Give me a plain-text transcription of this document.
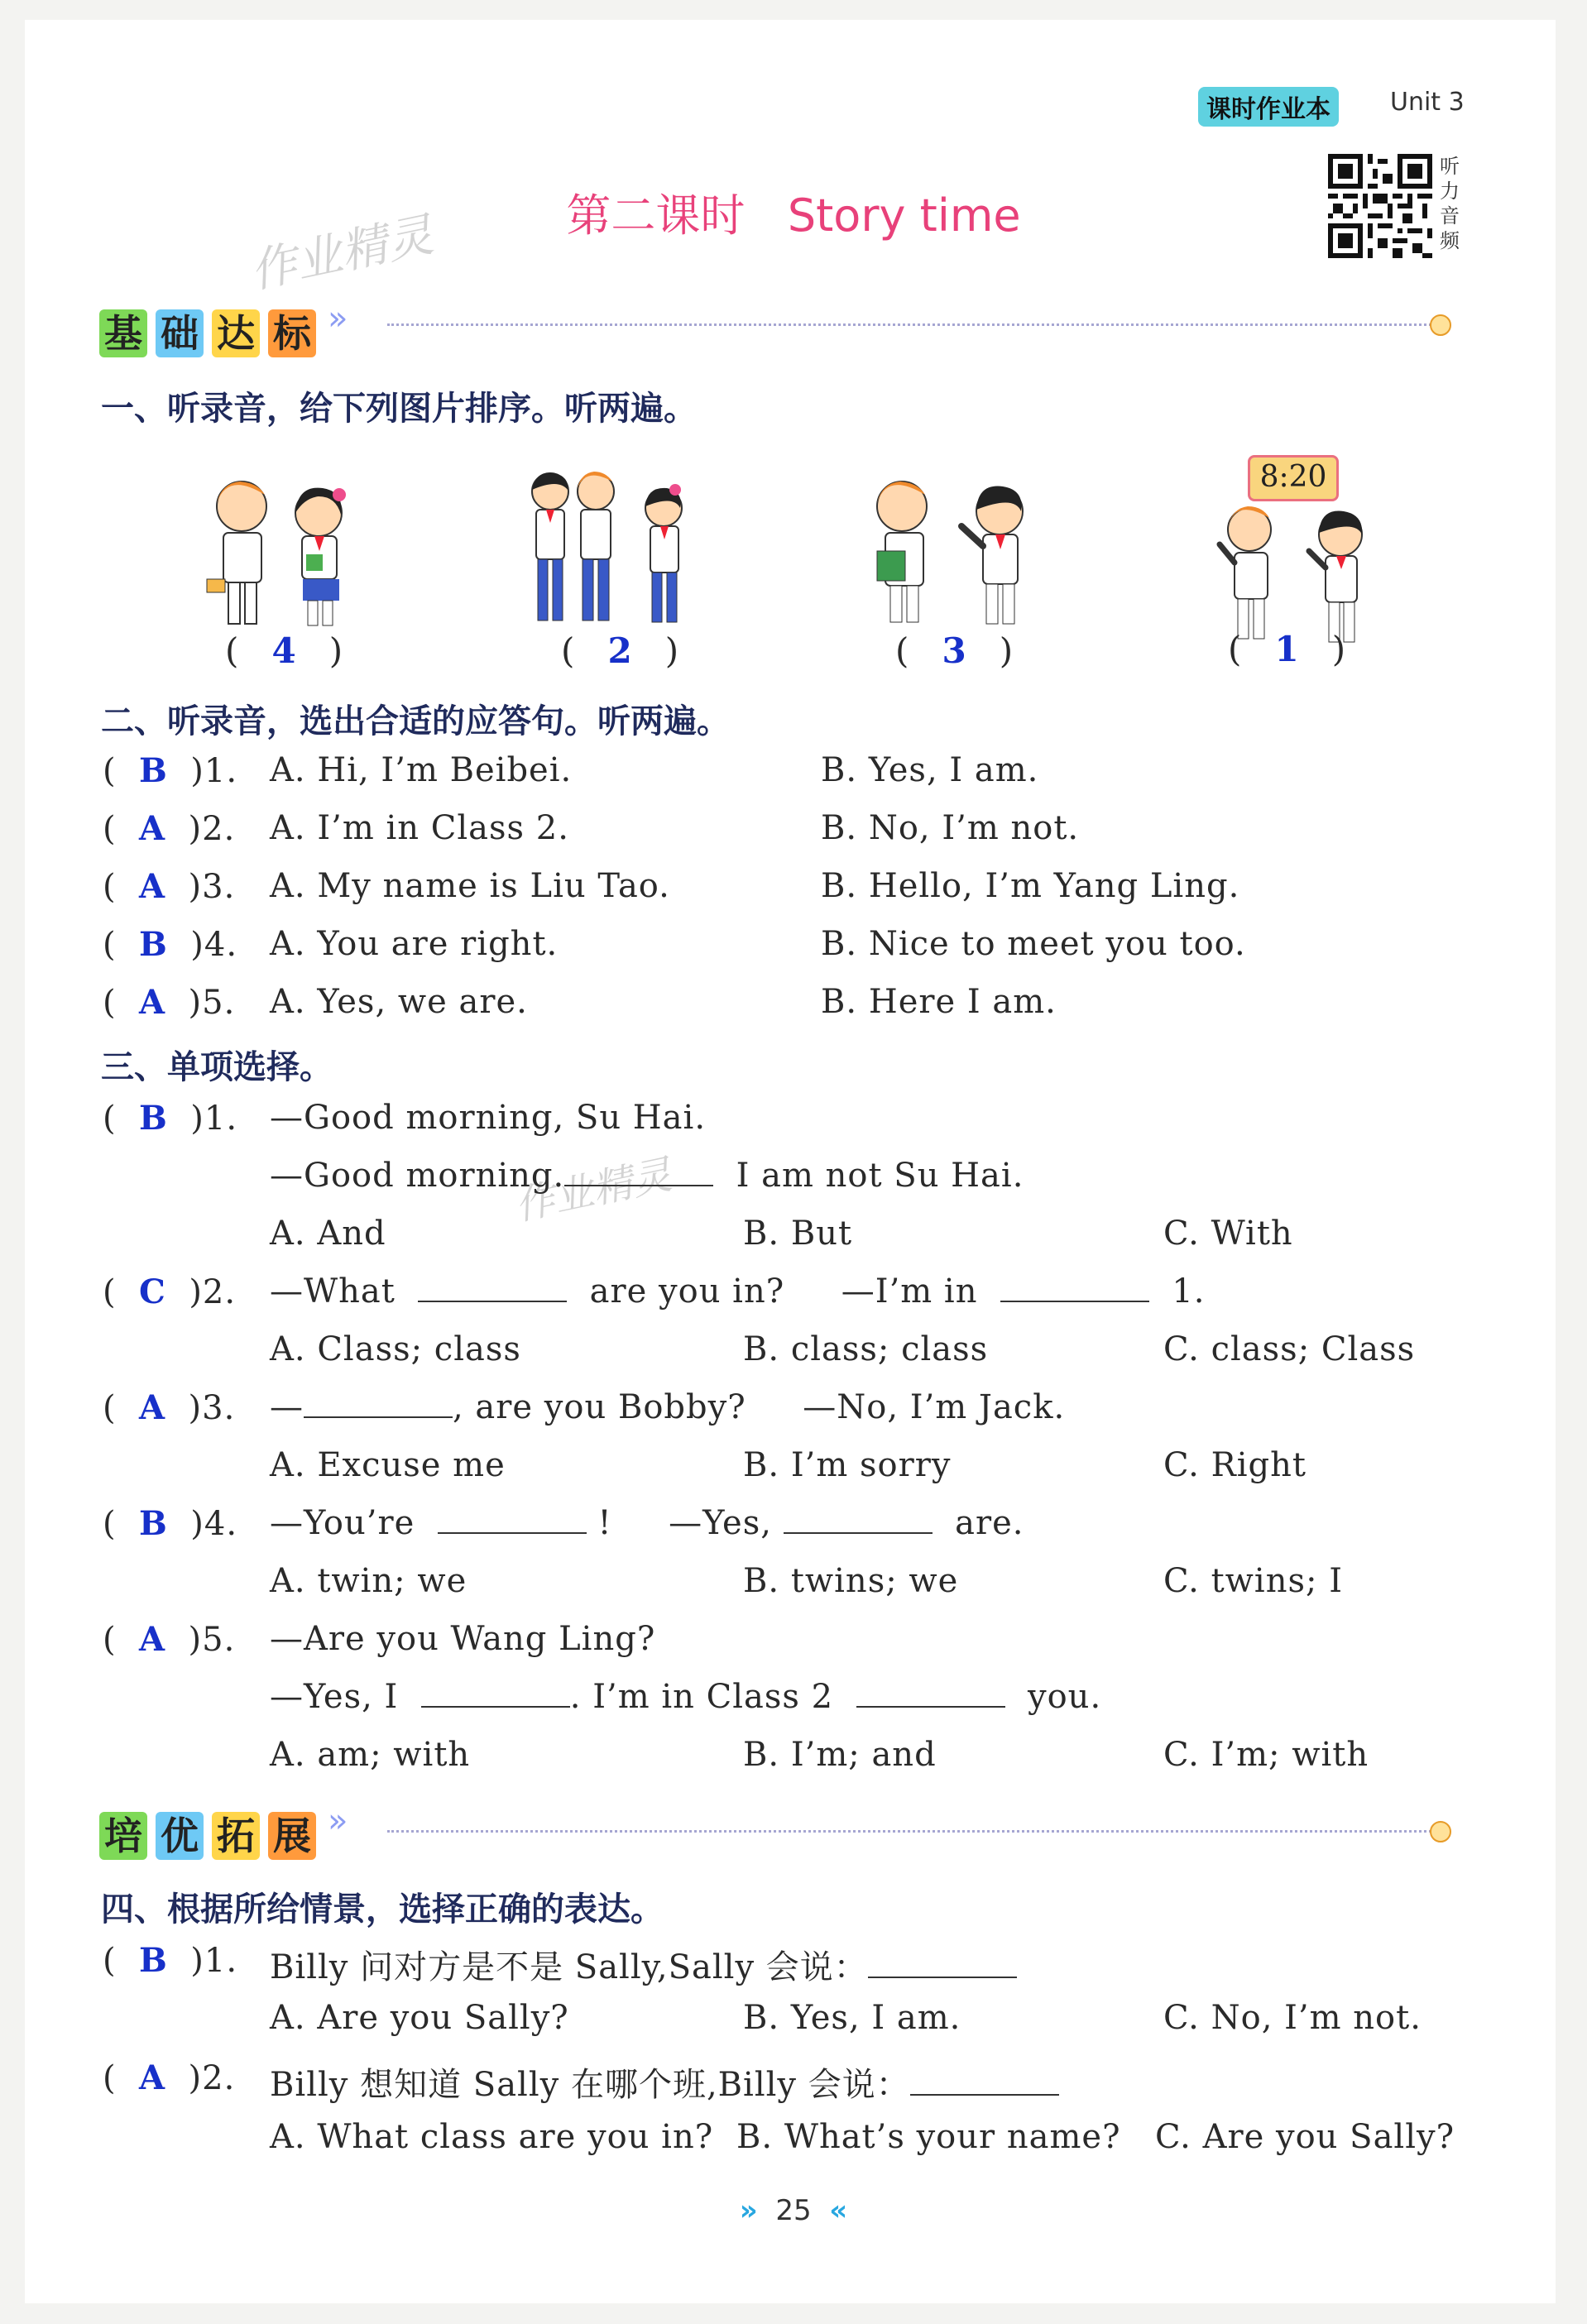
课时作业本	Unit 3
第二课时   Story time
听
力
音
频
作业精灵
作业精灵
基 础 达 标 »
一、听录音，给下列图片排序。听两遍。
8:20
(   4   )	(   2   )	(   3   )	(   1   )
二、听录音，选出合适的应答句。听两遍。
(  B )1. A. Hi, I’m Beibei.	B. Yes, I am.
(  A )2. A. I’m in Class 2.	B. No, I’m not.
(  A )3. A. My name is Liu Tao.	B. Hello, I’m Yang Ling.
(  B )4. A. You are right.	B. Nice to meet you too.
(  A )5. A. Yes, we are.	B. Here I am.
三、单项选择。
(  B )1. —Good morning, Su Hai.
—Good morning.	I am not Su Hai.
A. And	B. But	C. With
(  C )2. —What	are you in? —I’m in	1.
A. Class; class	B. class; class	C. class; Class
(  A )3. —	, are you Bobby? —No, I’m Jack.
A. Excuse me	B. I’m sorry	C. Right
(  B )4. —You’re	! —Yes,	are.
A. twin; we	B. twins; we	C. twins; I
(  A )5. —Are you Wang Ling?
—Yes, I	. I’m in Class 2	you.
A. am; with	B. I’m; and	C. I’m; with
培 优 拓 展 »
四、根据所给情景，选择正确的表达。
(  B )1. Billy 问对方是不是 Sally,Sally 会说：
A. Are you Sally?	B. Yes, I am.	C. No, I’m not.
(  A )2. Billy 想知道 Sally 在哪个班,Billy 会说：
A. What class are you in? B. What’s your name? C. Are you Sally?
» 25 «
